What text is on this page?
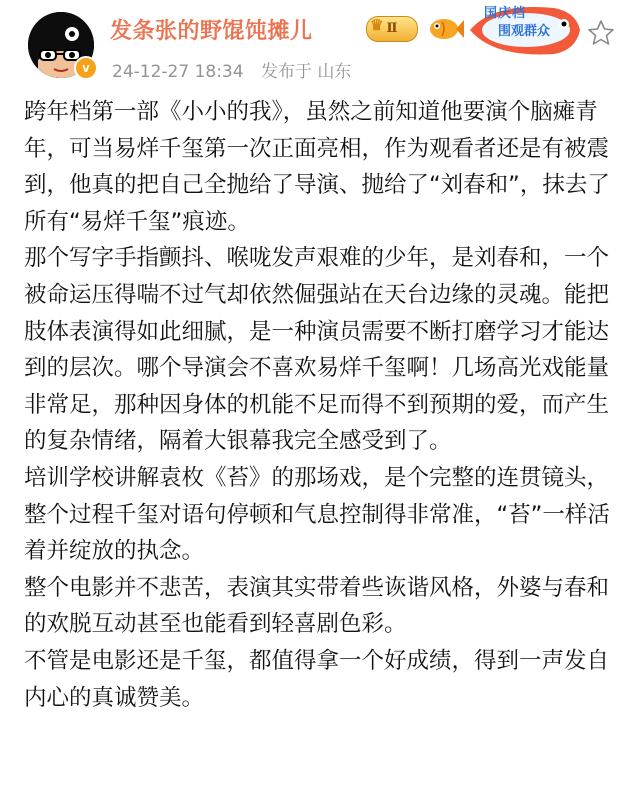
v
发条张的野馄饨摊儿	♛ Ⅱ
国庆档
围观群众
24-12-27 18:34 发布于 山东

跨年档第一部《小小的我》，虽然之前知道他要演个脑瘫青年，可当易烊千玺第一次正面亮相，作为观看者还是有被震到，他真的把自己全抛给了导演、抛给了“刘春和”，抹去了所有“易烊千玺”痕迹。

那个写字手指颤抖、喉咙发声艰难的少年，是刘春和，一个被命运压得喘不过气却依然倔强站在天台边缘的灵魂。能把肢体表演得如此细腻，是一种演员需要不断打磨学习才能达到的层次。哪个导演会不喜欢易烊千玺啊！几场高光戏能量非常足，那种因身体的机能不足而得不到预期的爱，而产生的复杂情绪，隔着大银幕我完全感受到了。

培训学校讲解袁枚《苔》的那场戏，是个完整的连贯镜头，整个过程千玺对语句停顿和气息控制得非常准，“苔”一样活着并绽放的执念。

整个电影并不悲苦，表演其实带着些诙谐风格，外婆与春和的欢脱互动甚至也能看到轻喜剧色彩。

不管是电影还是千玺，都值得拿一个好成绩，得到一声发自内心的真诚赞美。
